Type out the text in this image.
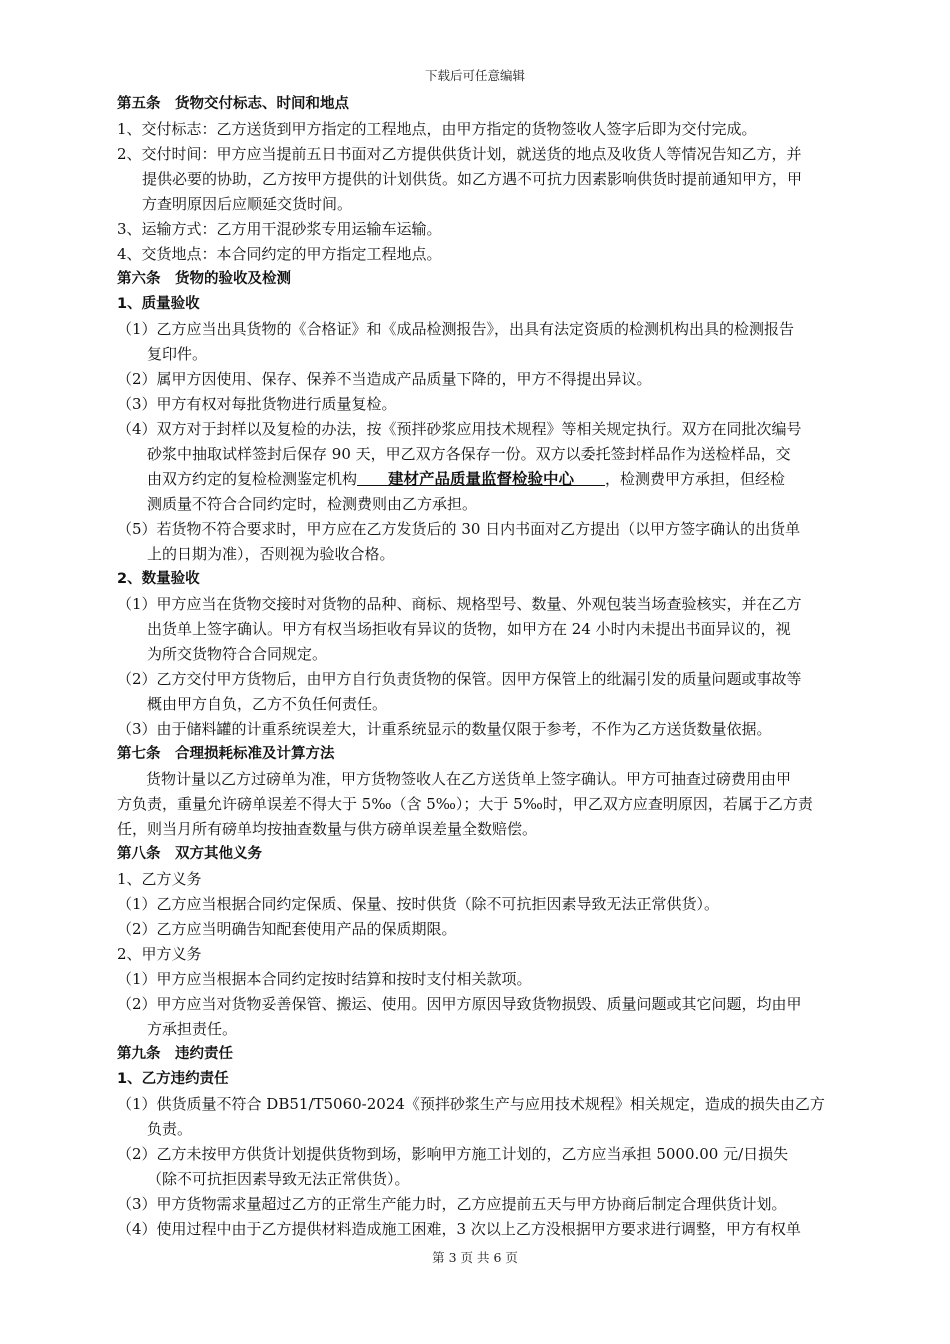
下载后可任意编辑
第五条　货物交付标志、时间和地点
1、交付标志：乙方送货到甲方指定的工程地点，由甲方指定的货物签收人签字后即为交付完成。
2、交付时间：甲方应当提前五日书面对乙方提供供货计划，就送货的地点及收货人等情况告知乙方，并
提供必要的协助，乙方按甲方提供的计划供货。如乙方遇不可抗力因素影响供货时提前通知甲方，甲
方查明原因后应顺延交货时间。
3、运输方式：乙方用干混砂浆专用运输车运输。
4、交货地点：本合同约定的甲方指定工程地点。
第六条　货物的验收及检测
1、质量验收
（1）乙方应当出具货物的《合格证》和《成品检测报告》，出具有法定资质的检测机构出具的检测报告
复印件。
（2）属甲方因使用、保存、保养不当造成产品质量下降的，甲方不得提出异议。
（3）甲方有权对每批货物进行质量复检。
（4）双方对于封样以及复检的办法，按《预拌砂浆应用技术规程》等相关规定执行。双方在同批次编号
砂浆中抽取试样签封后保存 90 天，甲乙双方各保存一份。双方以委托签封样品作为送检样品，交
由双方约定的复检检测鉴定机构　　建材产品质量监督检验中心　　，检测费甲方承担，但经检
测质量不符合合同约定时，检测费则由乙方承担。
（5）若货物不符合要求时，甲方应在乙方发货后的 30 日内书面对乙方提出（以甲方签字确认的出货单
上的日期为准），否则视为验收合格。
2、数量验收
（1）甲方应当在货物交接时对货物的品种、商标、规格型号、数量、外观包装当场查验核实，并在乙方
出货单上签字确认。甲方有权当场拒收有异议的货物，如甲方在 24 小时内未提出书面异议的，视
为所交货物符合合同规定。
（2）乙方交付甲方货物后，由甲方自行负责货物的保管。因甲方保管上的纰漏引发的质量问题或事故等
概由甲方自负，乙方不负任何责任。
（3）由于储料罐的计重系统误差大，计重系统显示的数量仅限于参考，不作为乙方送货数量依据。
第七条　合理损耗标准及计算方法
货物计量以乙方过磅单为准，甲方货物签收人在乙方送货单上签字确认。甲方可抽查过磅费用由甲
方负责，重量允许磅单误差不得大于 5‰（含 5‰）；大于 5‰时，甲乙双方应查明原因，若属于乙方责
任，则当月所有磅单均按抽查数量与供方磅单误差量全数赔偿。
第八条　双方其他义务
1、乙方义务
（1）乙方应当根据合同约定保质、保量、按时供货（除不可抗拒因素导致无法正常供货）。
（2）乙方应当明确告知配套使用产品的保质期限。
2、甲方义务
（1）甲方应当根据本合同约定按时结算和按时支付相关款项。
（2）甲方应当对货物妥善保管、搬运、使用。因甲方原因导致货物损毁、质量问题或其它问题，均由甲
方承担责任。
第九条　违约责任
1、乙方违约责任
（1）供货质量不符合 DB51/T5060-2024《预拌砂浆生产与应用技术规程》相关规定，造成的损失由乙方
负责。
（2）乙方未按甲方供货计划提供货物到场，影响甲方施工计划的，乙方应当承担 5000.00 元/日损失
（除不可抗拒因素导致无法正常供货）。
（3）甲方货物需求量超过乙方的正常生产能力时，乙方应提前五天与甲方协商后制定合理供货计划。
（4）使用过程中由于乙方提供材料造成施工困难，3 次以上乙方没根据甲方要求进行调整，甲方有权单
第 3 页 共 6 页
